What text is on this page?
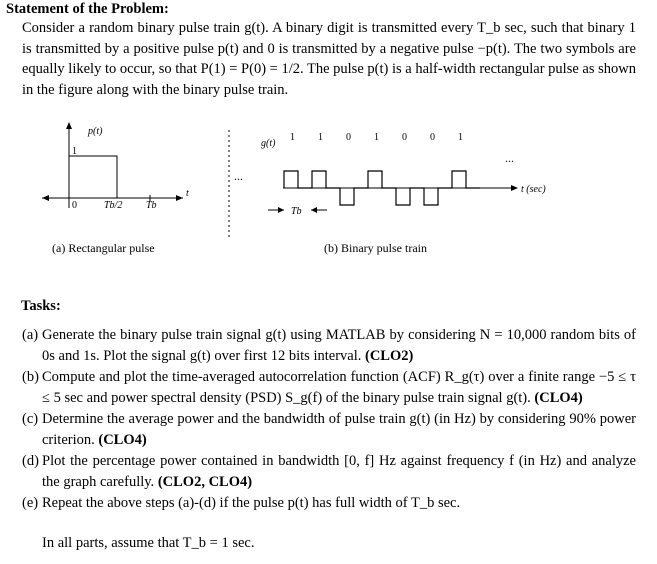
Statement of the Problem:
Consider a random binary pulse train g(t). A binary digit is transmitted every T_b sec, such that binary 1 is transmitted by a positive pulse p(t) and 0 is transmitted by a negative pulse −p(t). The two symbols are equally likely to occur, so that P(1) = P(0) = 1/2. The pulse p(t) is a half-width rectangular pulse as shown in the figure along with the binary pulse train.
p(t)
1
0	Tb/2 Tb
t
(a) Rectangular pulse
Tb
g(t)
...
...
t (sec)
1 1 0 1 0 0 1
(b) Binary pulse train
Tasks:
(a) Generate the binary pulse train signal g(t) using MATLAB by considering N = 10,000 random bits of 0s and 1s. Plot the signal g(t) over first 12 bits interval. (CLO2)
(b) Compute and plot the time-averaged autocorrelation function (ACF) R_g(τ) over a finite range −5 ≤ τ ≤ 5 sec and power spectral density (PSD) S_g(f) of the binary pulse train signal g(t). (CLO4)
(c) Determine the average power and the bandwidth of pulse train g(t) (in Hz) by considering 90% power criterion. (CLO4)
(d) Plot the percentage power contained in bandwidth [0, f] Hz against frequency f (in Hz) and analyze the graph carefully. (CLO2, CLO4)
(e) Repeat the above steps (a)-(d) if the pulse p(t) has full width of T_b sec.
In all parts, assume that T_b = 1 sec.
